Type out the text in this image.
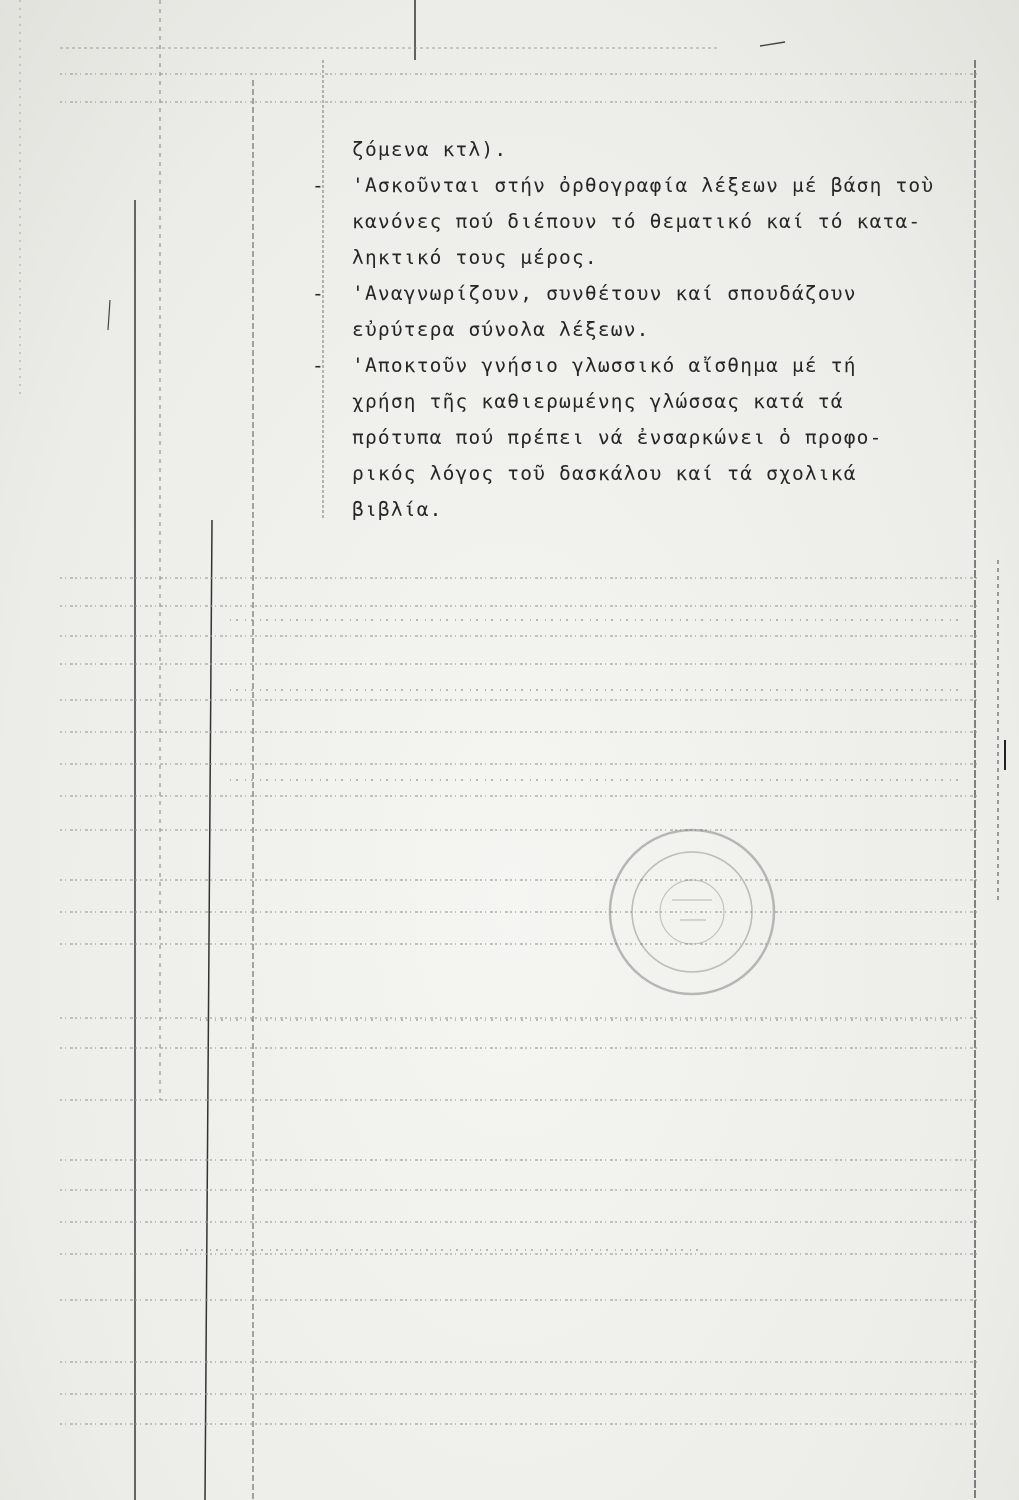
ζόμενα κτλ).
-	'Ασκοῦνται στήν ὀρθογραφία λέξεων μέ βάση τοὺ
κανόνες πού διέπουν τό θεματικό καί τό κατα-
ληκτικό τους μέρος.
-	'Αναγνωρίζουν, συνθέτουν καί σπουδάζουν
εὐρύτερα σύνολα λέξεων.
-	'Αποκτοῦν γνήσιο γλωσσικό αἴσθημα μέ τή
χρήση τῆς καθιερωμένης γλώσσας κατά τά
πρότυπα πού πρέπει νά ἐνσαρκώνει ὁ προφο-
ρικός λόγος τοῦ δασκάλου καί τά σχολικά
βιβλία.
